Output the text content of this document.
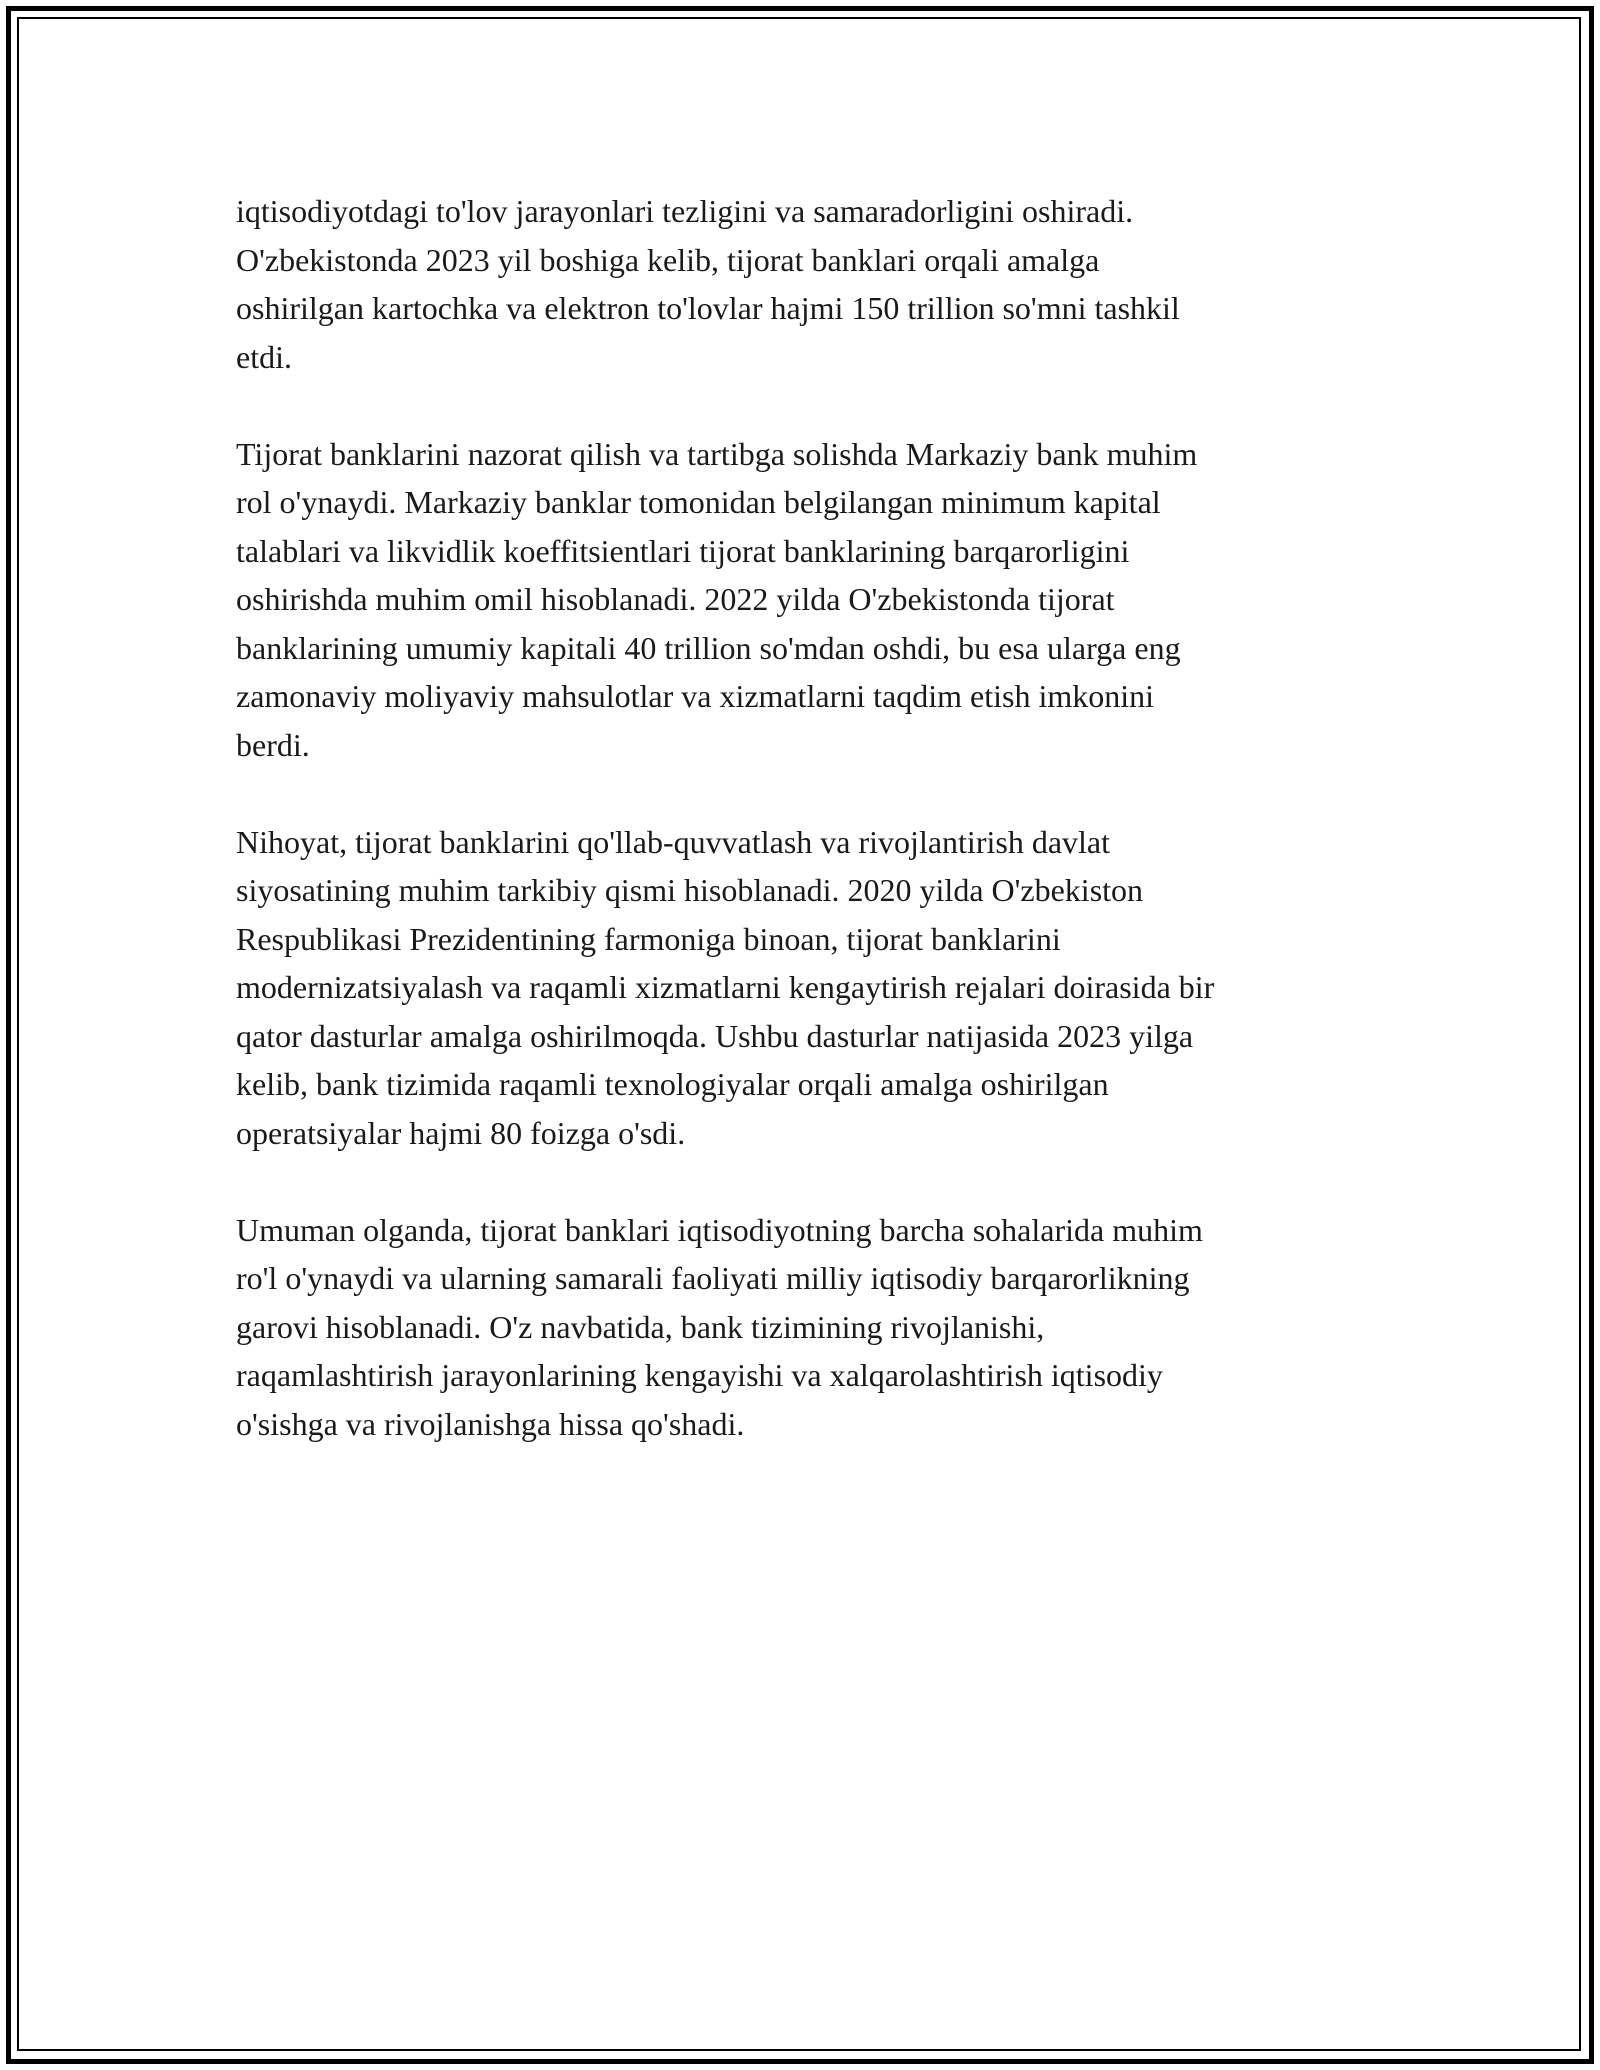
iqtisodiyotdagi to'lov jarayonlari tezligini va samaradorligini oshiradi.
O'zbekistonda 2023 yil boshiga kelib, tijorat banklari orqali amalga
oshirilgan kartochka va elektron to'lovlar hajmi 150 trillion so'mni tashkil
etdi.

Tijorat banklarini nazorat qilish va tartibga solishda Markaziy bank muhim
rol o'ynaydi. Markaziy banklar tomonidan belgilangan minimum kapital
talablari va likvidlik koeffitsientlari tijorat banklarining barqarorligini
oshirishda muhim omil hisoblanadi. 2022 yilda O'zbekistonda tijorat
banklarining umumiy kapitali 40 trillion so'mdan oshdi, bu esa ularga eng
zamonaviy moliyaviy mahsulotlar va xizmatlarni taqdim etish imkonini
berdi.

Nihoyat, tijorat banklarini qo'llab-quvvatlash va rivojlantirish davlat
siyosatining muhim tarkibiy qismi hisoblanadi. 2020 yilda O'zbekiston
Respublikasi Prezidentining farmoniga binoan, tijorat banklarini
modernizatsiyalash va raqamli xizmatlarni kengaytirish rejalari doirasida bir
qator dasturlar amalga oshirilmoqda. Ushbu dasturlar natijasida 2023 yilga
kelib, bank tizimida raqamli texnologiyalar orqali amalga oshirilgan
operatsiyalar hajmi 80 foizga o'sdi.

Umuman olganda, tijorat banklari iqtisodiyotning barcha sohalarida muhim
ro'l o'ynaydi va ularning samarali faoliyati milliy iqtisodiy barqarorlikning
garovi hisoblanadi. O'z navbatida, bank tizimining rivojlanishi,
raqamlashtirish jarayonlarining kengayishi va xalqarolashtirish iqtisodiy
o'sishga va rivojlanishga hissa qo'shadi.
